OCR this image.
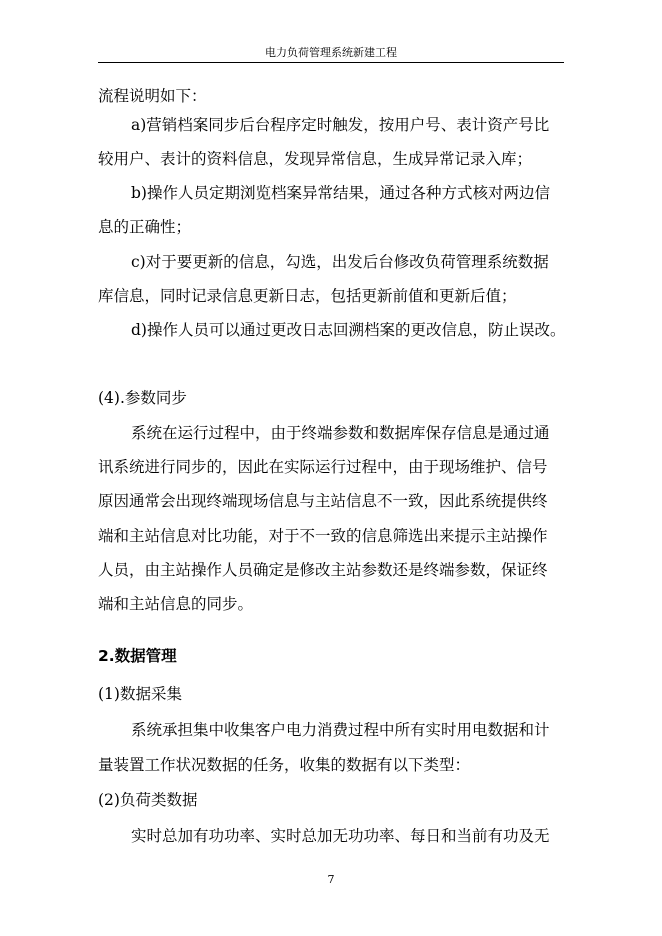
电力负荷管理系统新建工程
流程说明如下：
a)营销档案同步后台程序定时触发，按用户号、表计资产号比
较用户、表计的资料信息，发现异常信息，生成异常记录入库；
b)操作人员定期浏览档案异常结果，通过各种方式核对两边信
息的正确性；
c)对于要更新的信息，勾选，出发后台修改负荷管理系统数据
库信息，同时记录信息更新日志，包括更新前值和更新后值；
d)操作人员可以通过更改日志回溯档案的更改信息，防止误改。
(4).参数同步
系统在运行过程中，由于终端参数和数据库保存信息是通过通
讯系统进行同步的，因此在实际运行过程中，由于现场维护、信号
原因通常会出现终端现场信息与主站信息不一致，因此系统提供终
端和主站信息对比功能，对于不一致的信息筛选出来提示主站操作
人员，由主站操作人员确定是修改主站参数还是终端参数，保证终
端和主站信息的同步。
2.数据管理
(1)数据采集
系统承担集中收集客户电力消费过程中所有实时用电数据和计
量装置工作状况数据的任务，收集的数据有以下类型：
(2)负荷类数据
实时总加有功功率、实时总加无功功率、每日和当前有功及无
7
